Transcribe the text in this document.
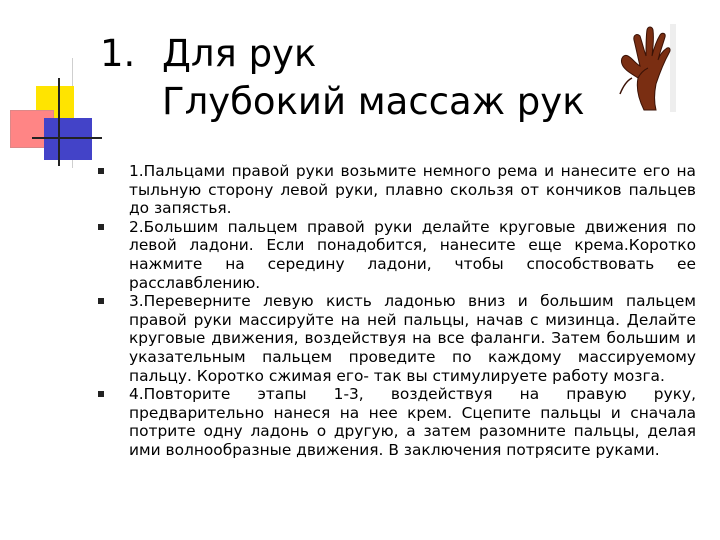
1. Для рук
Глубокий массаж рук
1.Пальцами правой руки возьмите немного рема и нанесите его на тыльную сторону левой руки, плавно скользя от кончиков пальцев до запястья.
2.Большим пальцем правой руки делайте круговые движения по левой ладони. Если понадобится, нанесите еще крема.Коротко нажмите на середину ладони, чтобы способствовать ее расславблению.
3.Переверните левую кисть ладонью вниз и большим пальцем правой руки массируйте на ней пальцы, начав с мизинца. Делайте круговые движения, воздействуя на все фаланги. Затем большим и указательным пальцем проведите по каждому массируемому пальцу. Коротко сжимая его- так вы стимулируете работу мозга.
4.Повторите этапы 1-3, воздействуя на правую руку, предварительно нанеся на нее крем. Сцепите пальцы и сначала потрите одну ладонь о другую, а затем разомните пальцы, делая ими волнообразные движения. В заключения потрясите руками.
